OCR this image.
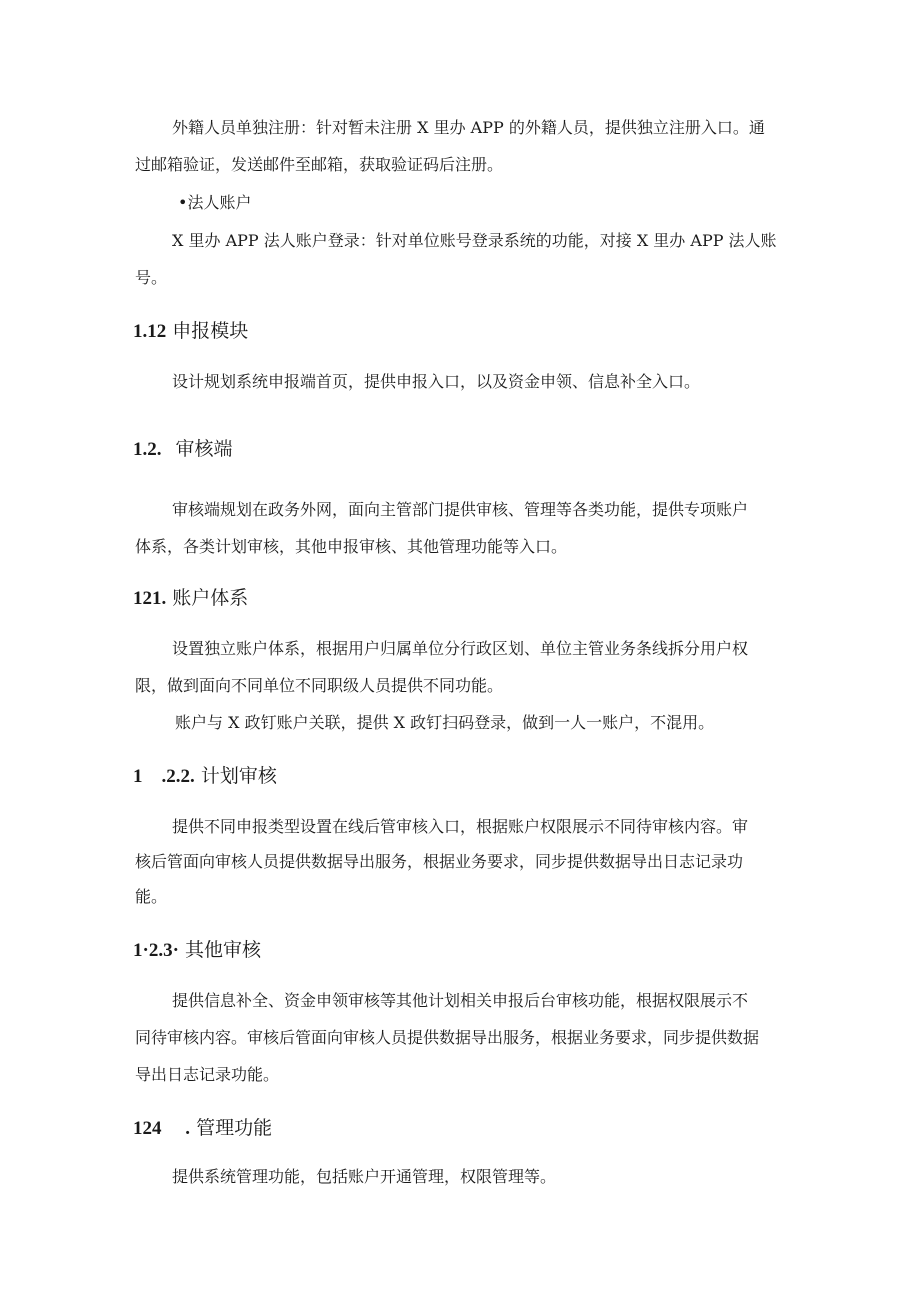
外籍人员单独注册：针对暂未注册 X 里办 APP 的外籍人员，提供独立注册入口。通
过邮箱验证，发送邮件至邮箱，获取验证码后注册。
•法人账户
X 里办 APP 法人账户登录：针对单位账号登录系统的功能，对接 X 里办 APP 法人账
号。
1.12 申报模块
设计规划系统申报端首页，提供申报入口，以及资金申领、信息补全入口。
1.2. 审核端
审核端规划在政务外网，面向主管部门提供审核、管理等各类功能，提供专项账户
体系，各类计划审核，其他申报审核、其他管理功能等入口。
121. 账户体系
设置独立账户体系，根据用户归属单位分行政区划、单位主管业务条线拆分用户权
限，做到面向不同单位不同职级人员提供不同功能。
账户与 X 政钉账户关联，提供 X 政钉扫码登录，做到一人一账户，不混用。
1　.2.2. 计划审核
提供不同申报类型设置在线后管审核入口，根据账户权限展示不同待审核内容。审
核后管面向审核人员提供数据导出服务，根据业务要求，同步提供数据导出日志记录功
能。
1·2.3· 其他审核
提供信息补全、资金申领审核等其他计划相关申报后台审核功能，根据权限展示不
同待审核内容。审核后管面向审核人员提供数据导出服务，根据业务要求，同步提供数据
导出日志记录功能。
124　 . 管理功能
提供系统管理功能，包括账户开通管理，权限管理等。
